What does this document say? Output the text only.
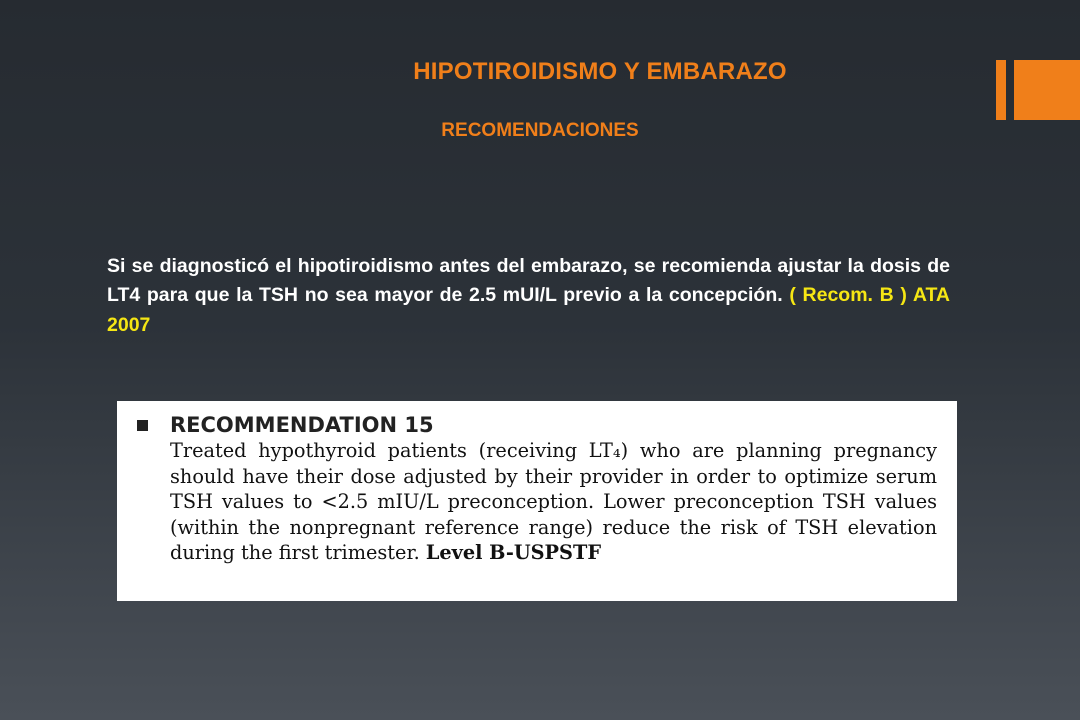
HIPOTIROIDISMO Y EMBARAZO
RECOMENDACIONES

Si se diagnosticó el hipotiroidismo antes del embarazo, se recomienda ajustar la dosis de LT4 para que la TSH no sea mayor de 2.5 mUI/L previo a la concepción. ( Recom. B ) ATA 2007

RECOMMENDATION 15

Treated hypothyroid patients (receiving LT₄) who are planning pregnancy should have their dose adjusted by their provider in order to optimize serum TSH values to <2.5 mIU/L preconception. Lower preconception TSH values (within the nonpregnant reference range) reduce the risk of TSH elevation during the first trimester. Level B-USPSTF
